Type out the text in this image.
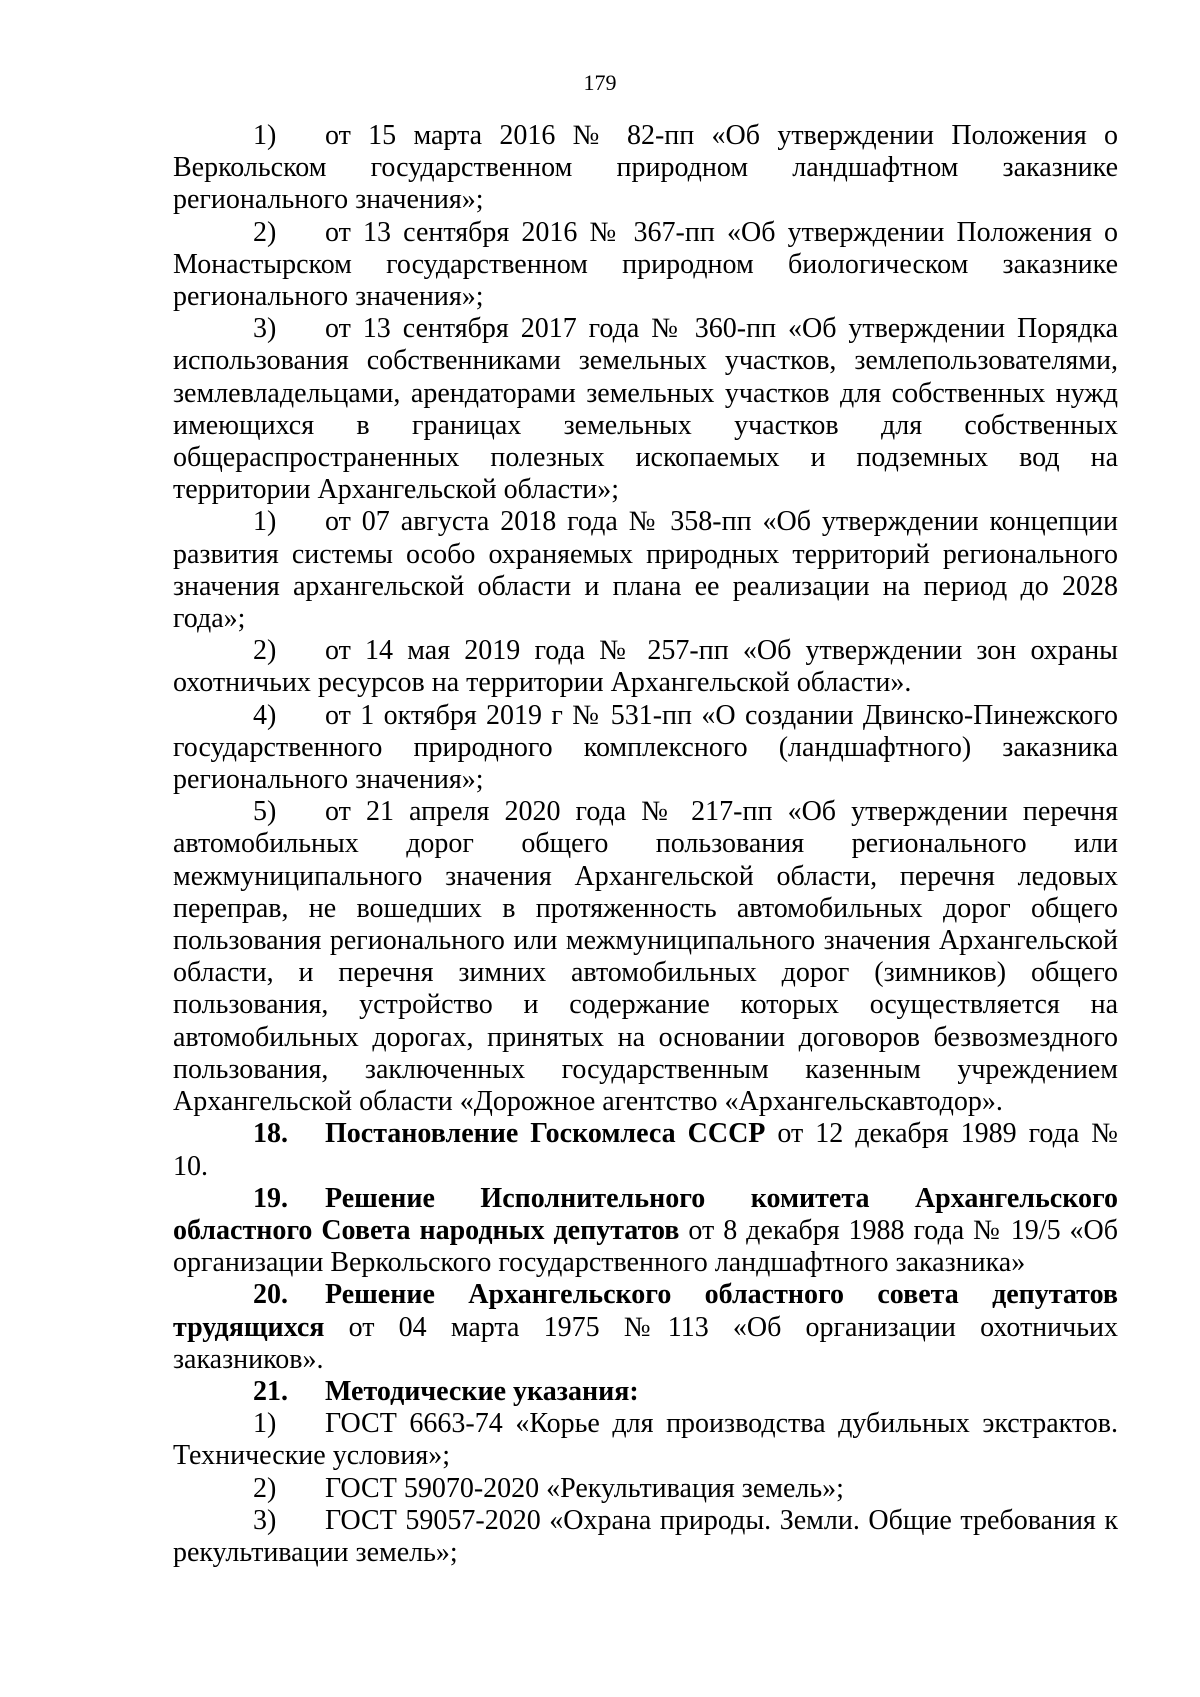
179

1) от 15 марта 2016 № 82-пп «Об утверждении Положения о Веркольском государственном природном ландшафтном заказнике регионального значения»;

2) от 13 сентября 2016 № 367-пп «Об утверждении Положения о Монастырском государственном природном биологическом заказнике регионального значения»;

3) от 13 сентября 2017 года № 360-пп «Об утверждении Порядка использования собственниками земельных участков, землепользователями, землевладельцами, арендаторами земельных участков для собственных нужд имеющихся в границах земельных участков для собственных общераспространенных полезных ископаемых и подземных вод на территории Архангельской области»;

1) от 07 августа 2018 года № 358-пп «Об утверждении концепции развития системы особо охраняемых природных территорий регионального значения архангельской области и плана ее реализации на период до 2028 года»;

2) от 14 мая 2019 года № 257-пп «Об утверждении зон охраны охотничьих ресурсов на территории Архангельской области».

4) от 1 октября 2019 г № 531-пп «О создании Двинско-Пинежского государственного природного комплексного (ландшафтного) заказника регионального значения»;

5) от 21 апреля 2020 года № 217-пп «Об утверждении перечня автомобильных дорог общего пользования регионального или межмуниципального значения Архангельской области, перечня ледовых переправ, не вошедших в протяженность автомобильных дорог общего пользования регионального или межмуниципального значения Архангельской области, и перечня зимних автомобильных дорог (зимников) общего пользования, устройство и содержание которых осуществляется на автомобильных дорогах, принятых на основании договоров безвозмездного пользования, заключенных государственным казенным учреждением Архангельской области «Дорожное агентство «Архангельскавтодор».

18. Постановление Госкомлеса СССР от 12 декабря 1989 года № 10.

19. Решение Исполнительного комитета Архангельского областного Совета народных депутатов от 8 декабря 1988 года № 19/5 «Об организации Веркольского государственного ландшафтного заказника»

20. Решение Архангельского областного совета депутатов трудящихся от 04 марта 1975 №113 «Об организации охотничьих заказников».

21. Методические указания:

1) ГОСТ 6663-74 «Корье для производства дубильных экстрактов. Технические условия»;

2) ГОСТ 59070-2020 «Рекультивация земель»;

3) ГОСТ 59057-2020 «Охрана природы. Земли. Общие требования к рекультивации земель»;
